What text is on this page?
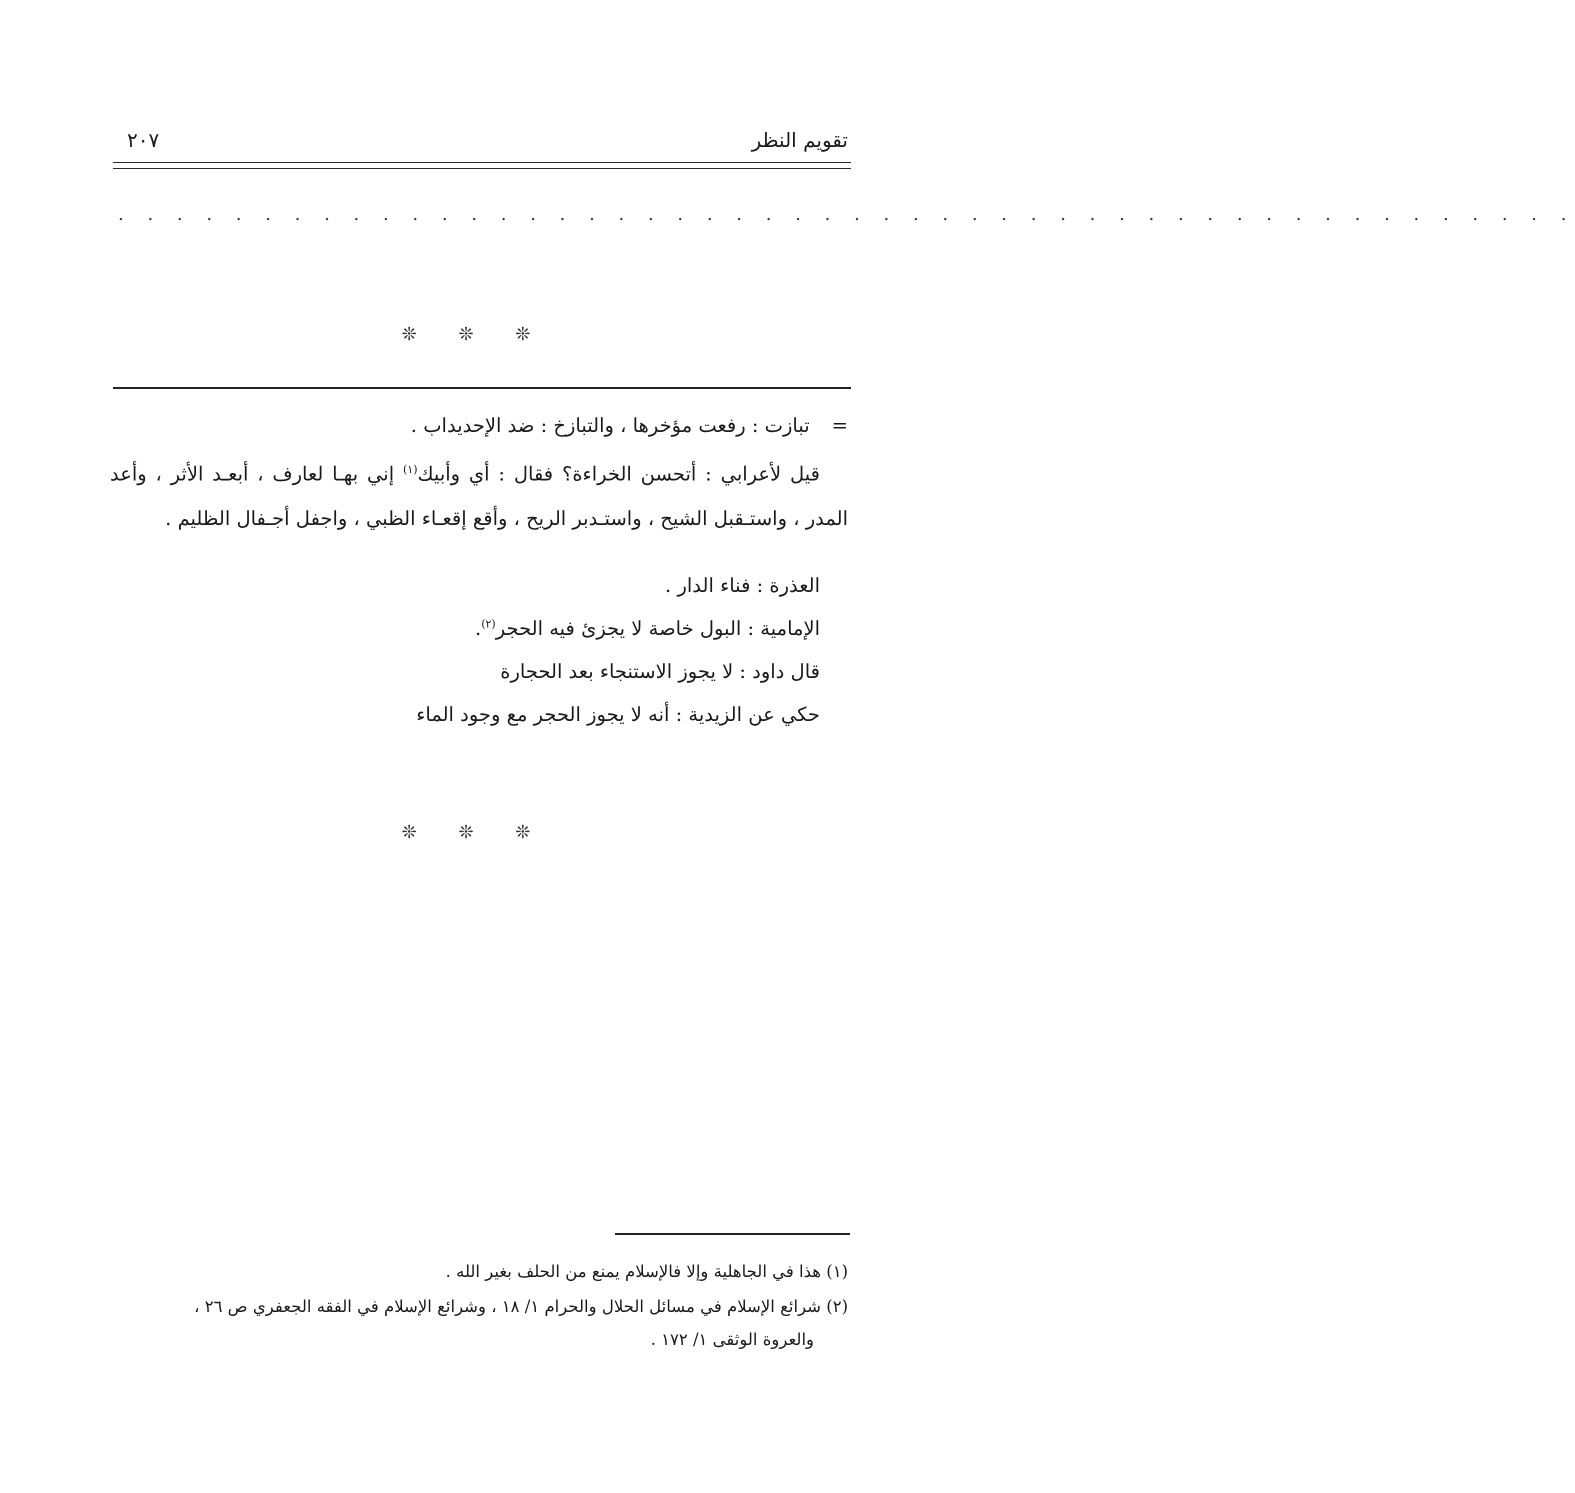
تقويم النظر
٢٠٧
. . . . . . . . . . . . . . . . . . . . . . . . . . . . . . . . . . . . . . . . . . . . . . . . . .
❊ ❊ ❊
=تبازت : رفعت مؤخرها ، والتبازخ : ضد الإحديداب .
قيل لأعرابي : أتحسن الخراءة؟ فقال : أي وأبيك$^{(١)}$ إني بهـا لعارف ، أبعـد الأثر ، وأعد المدر ، واستـقبل الشيح ، واستـدبر الريح ، وأقع إقعـاء الظبي ، واجفل أجـفال الظليم .
العذرة : فناء الدار .
الإمامية : البول خاصة لا يجزئ فيه الحجر$^{(٢)}$.
قال داود : لا يجوز الاستنجاء بعد الحجارة
حكي عن الزيدية : أنه لا يجوز الحجر مع وجود الماء
❊ ❊ ❊
(١) هذا في الجاهلية وإلا فالإسلام يمنع من الحلف بغير الله .
(٢) شرائع الإسلام في مسائل الحلال والحرام ١/ ١٨ ، وشرائع الإسلام في الفقه الجعفري ص ٢٦ ،
والعروة الوثقى ١/ ١٧٢ .
